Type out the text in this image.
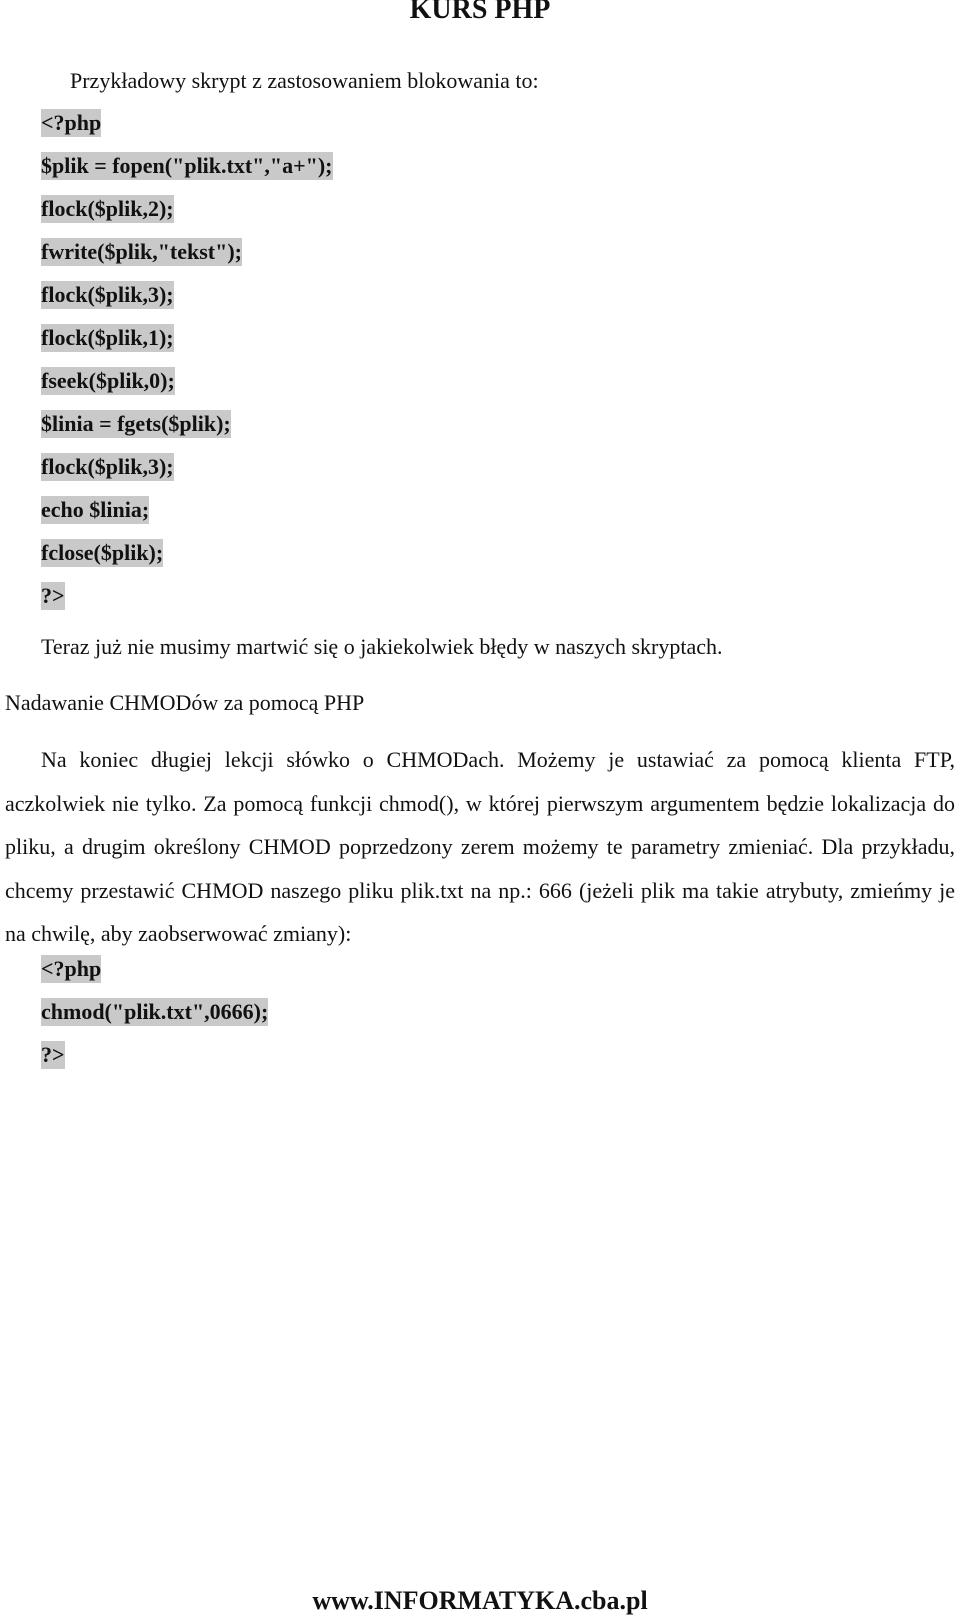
KURS PHP
Przykładowy skrypt z zastosowaniem blokowania to:
<?php
$plik = fopen("plik.txt","a+");
flock($plik,2);
fwrite($plik,"tekst");
flock($plik,3);
flock($plik,1);
fseek($plik,0);
$linia = fgets($plik);
flock($plik,3);
echo $linia;
fclose($plik);
?>
Teraz już nie musimy martwić się o jakiekolwiek błędy w naszych skryptach.
Nadawanie CHMODów za pomocą PHP
Na koniec długiej lekcji słówko o CHMODach. Możemy je ustawiać za pomocą klienta FTP, aczkolwiek nie tylko. Za pomocą funkcji chmod(), w której pierwszym argumentem będzie lokalizacja do pliku, a drugim określony CHMOD poprzedzony zerem możemy te parametry zmieniać. Dla przykładu, chcemy przestawić CHMOD naszego pliku plik.txt na np.: 666 (jeżeli plik ma takie atrybuty, zmieńmy je na chwilę, aby zaobserwować zmiany):
<?php
chmod("plik.txt",0666);
?>
www.INFORMATYKA.cba.pl
